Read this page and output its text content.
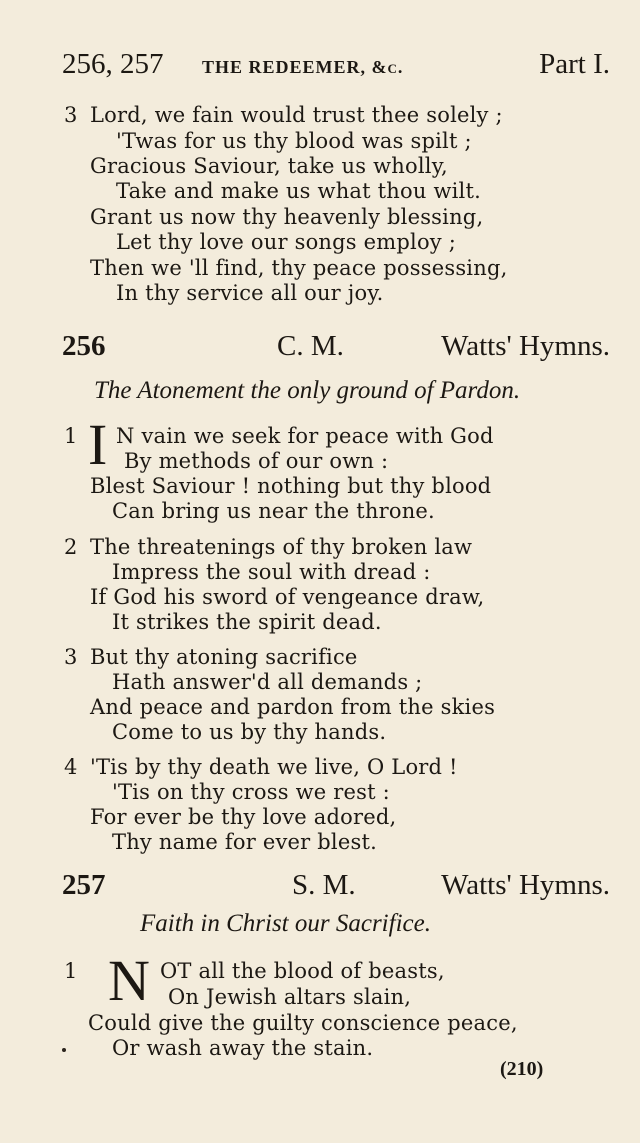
256, 257 THE REDEEMER, &c.	Part I.
3 Lord, we fain would trust thee solely ;
'Twas for us thy blood was spilt ;
Gracious Saviour, take us wholly,
Take and make us what thou wilt.
Grant us now thy heavenly blessing,
Let thy love our songs employ ;
Then we 'll find, thy peace possessing,
In thy service all our joy.
256	C. M.	Watts' Hymns.
The Atonement the only ground of Pardon.
1 I N vain we seek for peace with God
By methods of our own :
Blest Saviour ! nothing but thy blood
Can bring us near the throne.
2 The threatenings of thy broken law
Impress the soul with dread :
If God his sword of vengeance draw,
It strikes the spirit dead.
3 But thy atoning sacrifice
Hath answer'd all demands ;
And peace and pardon from the skies
Come to us by thy hands.
4 'Tis by thy death we live, O Lord !
'Tis on thy cross we rest :
For ever be thy love adored,
Thy name for ever blest.
257	S. M.	Watts' Hymns.
Faith in Christ our Sacrifice.
1 N OT all the blood of beasts,
On Jewish altars slain,
Could give the guilty conscience peace,
Or wash away the stain.
(210)
